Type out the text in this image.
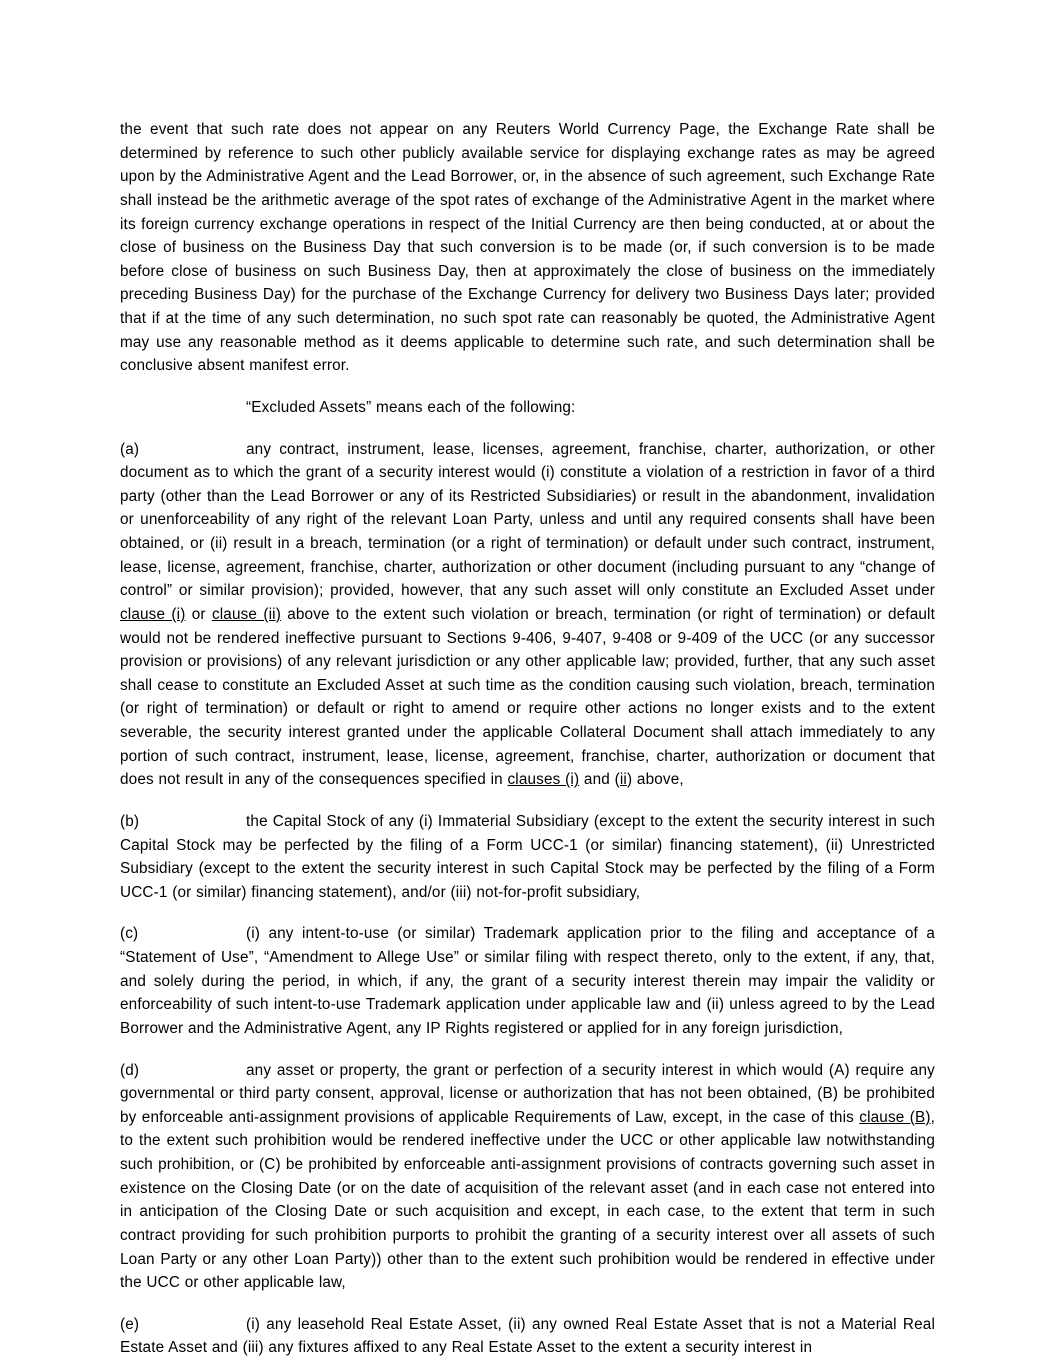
the event that such rate does not appear on any Reuters World Currency Page, the Exchange Rate shall be determined by reference to such other publicly available service for displaying exchange rates as may be agreed upon by the Administrative Agent and the Lead Borrower, or, in the absence of such agreement, such Exchange Rate shall instead be the arithmetic average of the spot rates of exchange of the Administrative Agent in the market where its foreign currency exchange operations in respect of the Initial Currency are then being conducted, at or about the close of business on the Business Day that such conversion is to be made (or, if such conversion is to be made before close of business on such Business Day, then at approximately the close of business on the immediately preceding Business Day) for the purchase of the Exchange Currency for delivery two Business Days later; provided that if at the time of any such determination, no such spot rate can reasonably be quoted, the Administrative Agent may use any reasonable method as it deems applicable to determine such rate, and such determination shall be conclusive absent manifest error.

“Excluded Assets” means each of the following:

(a)	any contract, instrument, lease, licenses, agreement, franchise, charter, authorization, or other document as to which the grant of a security interest would (i) constitute a violation of a restriction in favor of a third party (other than the Lead Borrower or any of its Restricted Subsidiaries) or result in the abandonment, invalidation or unenforceability of any right of the relevant Loan Party, unless and until any required consents shall have been obtained, or (ii) result in a breach, termination (or a right of termination) or default under such contract, instrument, lease, license, agreement, franchise, charter, authorization or other document (including pursuant to any “change of control” or similar provision); provided, however, that any such asset will only constitute an Excluded Asset under clause (i) or clause (ii) above to the extent such violation or breach, termination (or right of termination) or default would not be rendered ineffective pursuant to Sections 9-406, 9-407, 9-408 or 9-409 of the UCC (or any successor provision or provisions) of any relevant jurisdiction or any other applicable law; provided, further, that any such asset shall cease to constitute an Excluded Asset at such time as the condition causing such violation, breach, termination (or right of termination) or default or right to amend or require other actions no longer exists and to the extent severable, the security interest granted under the applicable Collateral Document shall attach immediately to any portion of such contract, instrument, lease, license, agreement, franchise, charter, authorization or document that does not result in any of the consequences specified in clauses (i) and (ii) above,

(b)	the Capital Stock of any (i) Immaterial Subsidiary (except to the extent the security interest in such Capital Stock may be perfected by the filing of a Form UCC-1 (or similar) financing statement), (ii) Unrestricted Subsidiary (except to the extent the security interest in such Capital Stock may be perfected by the filing of a Form UCC-1 (or similar) financing statement), and/or (iii) not-for-profit subsidiary,

(c)	(i) any intent-to-use (or similar) Trademark application prior to the filing and acceptance of a “Statement of Use”, “Amendment to Allege Use” or similar filing with respect thereto, only to the extent, if any, that, and solely during the period, in which, if any, the grant of a security interest therein may impair the validity or enforceability of such intent-to-use Trademark application under applicable law and (ii) unless agreed to by the Lead Borrower and the Administrative Agent, any IP Rights registered or applied for in any foreign jurisdiction,

(d)	any asset or property, the grant or perfection of a security interest in which would (A) require any governmental or third party consent, approval, license or authorization that has not been obtained, (B) be prohibited by enforceable anti-assignment provisions of applicable Requirements of Law, except, in the case of this clause (B), to the extent such prohibition would be rendered ineffective under the UCC or other applicable law notwithstanding such prohibition, or (C) be prohibited by enforceable anti-assignment provisions of contracts governing such asset in existence on the Closing Date (or on the date of acquisition of the relevant asset (and in each case not entered into in anticipation of the Closing Date or such acquisition and except, in each case, to the extent that term in such contract providing for such prohibition purports to prohibit the granting of a security interest over all assets of such Loan Party or any other Loan Party)) other than to the extent such prohibition would be rendered in effective under the UCC or other applicable law,

(e)	(i) any leasehold Real Estate Asset, (ii) any owned Real Estate Asset that is not a Material Real Estate Asset and (iii) any fixtures affixed to any Real Estate Asset to the extent a security interest in
